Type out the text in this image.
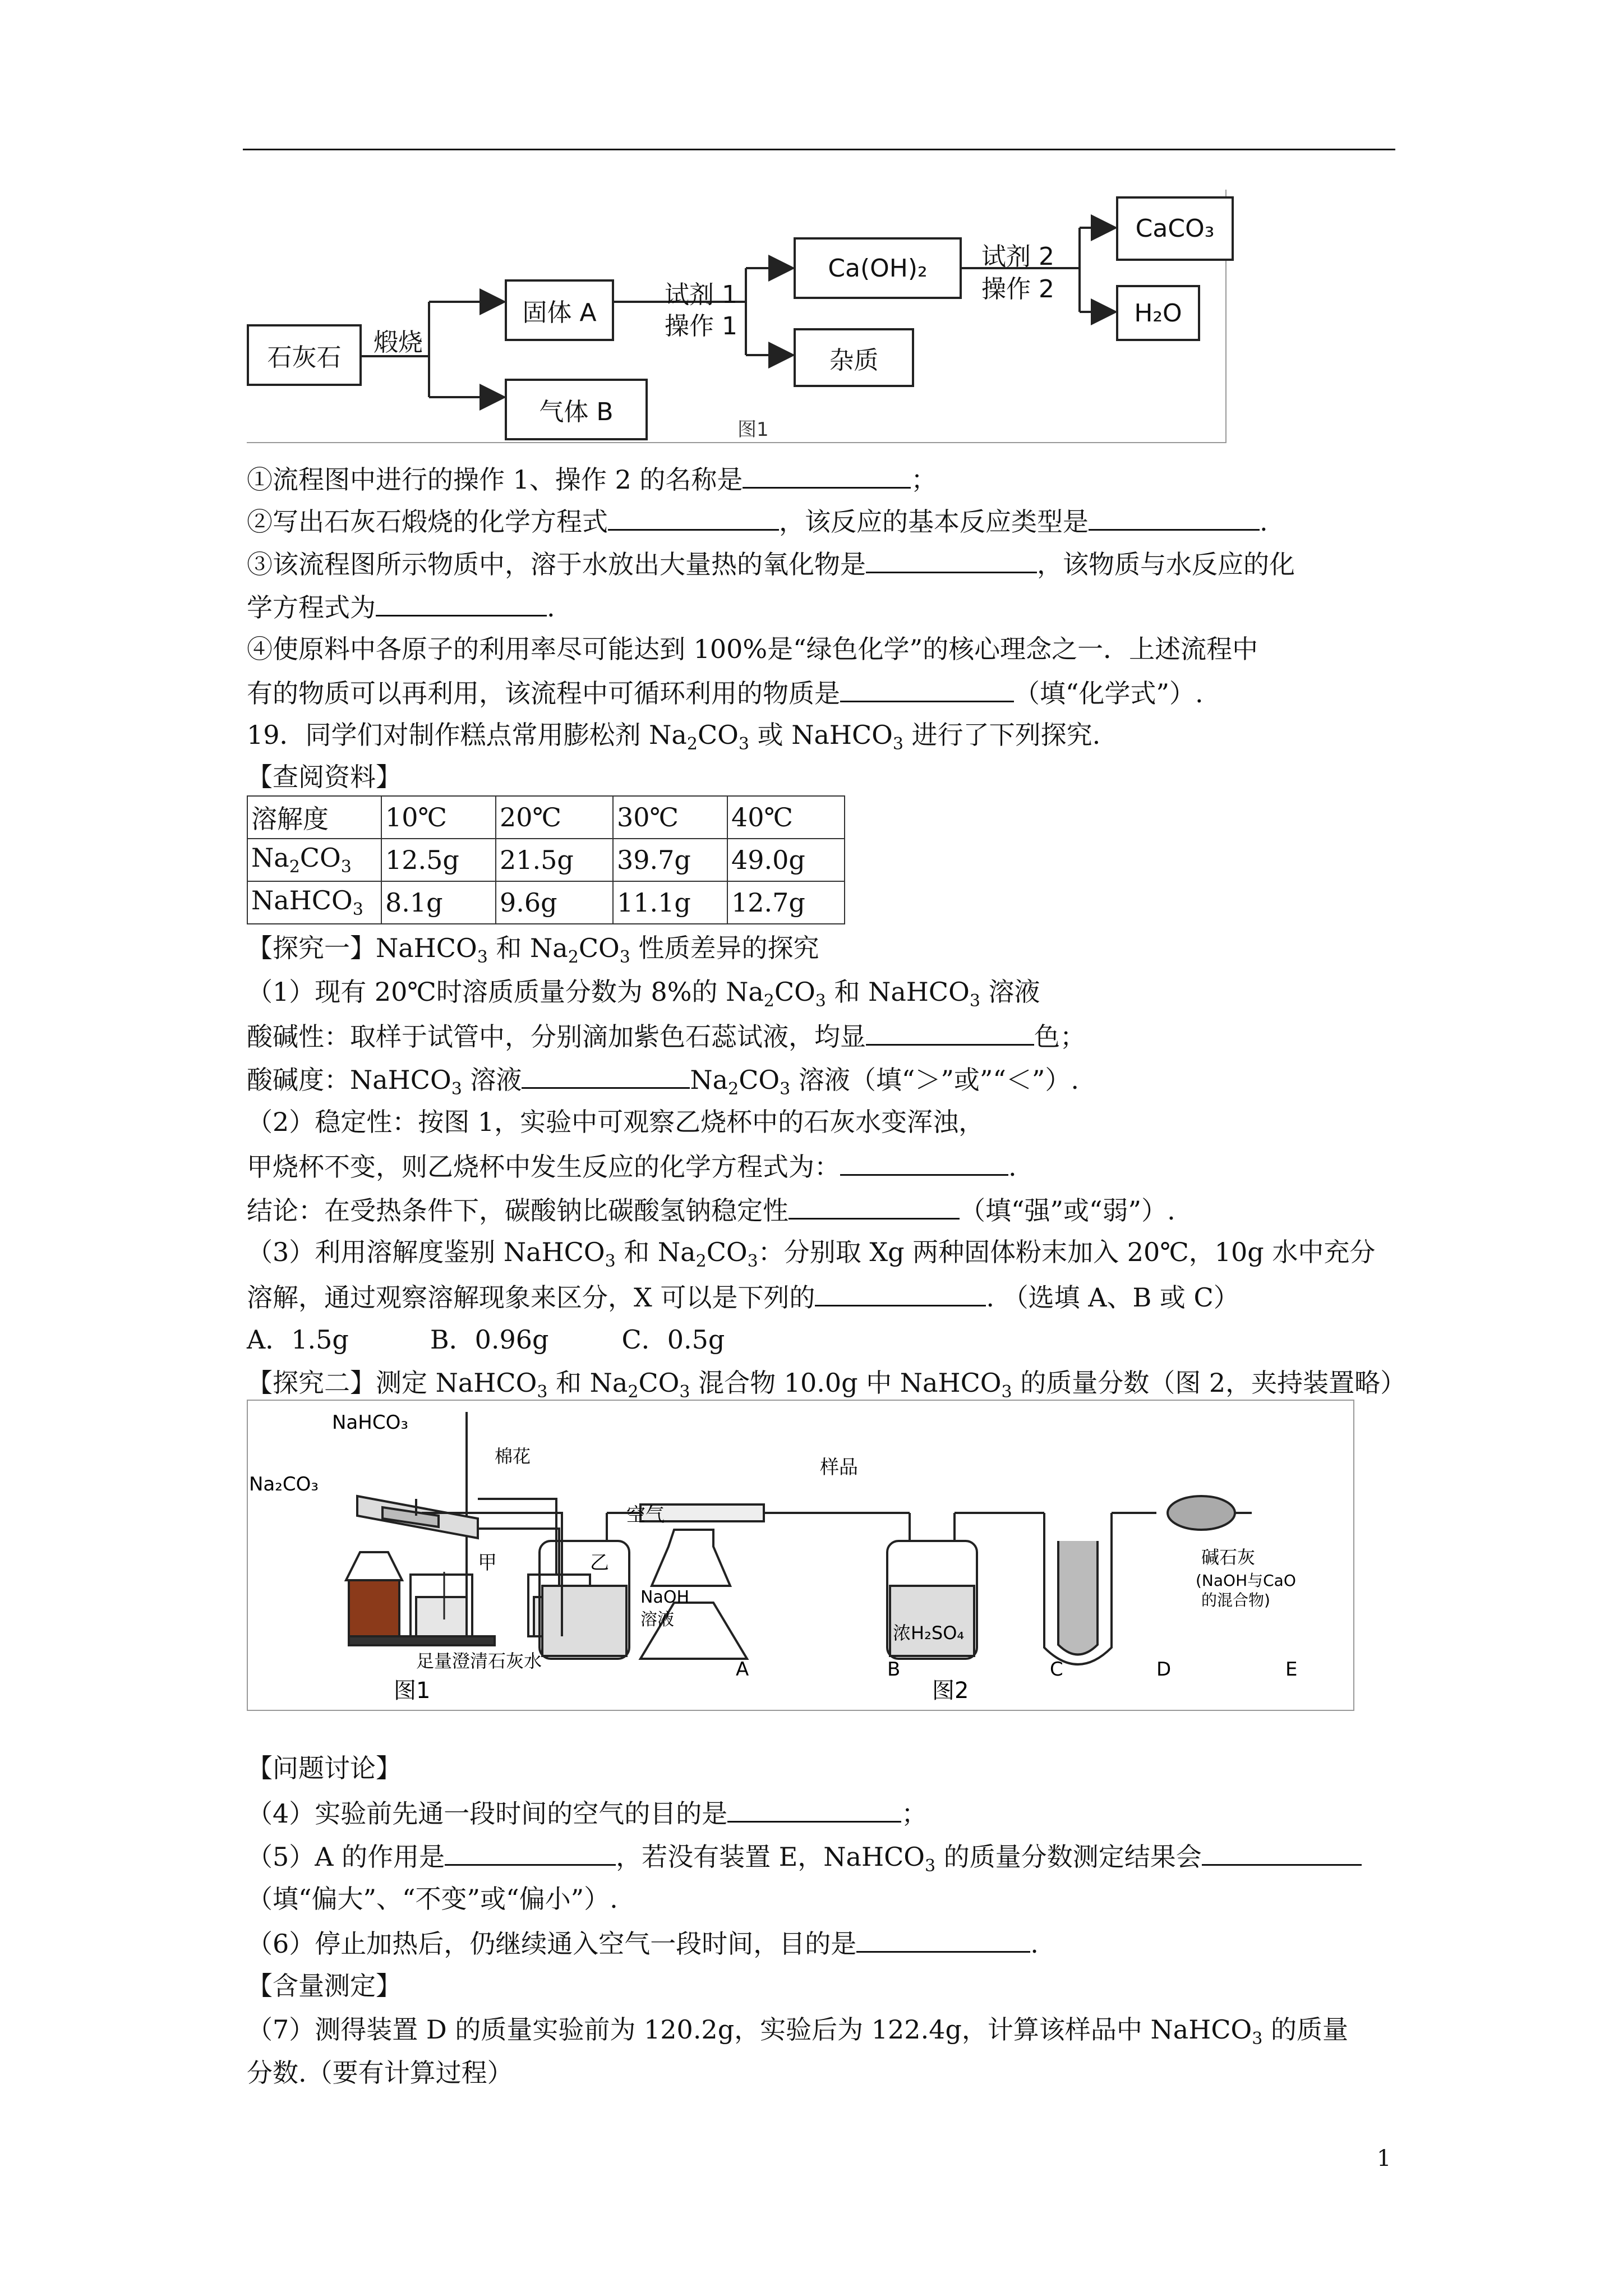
石灰石
煅烧
固体 A
气体 B
试剂 1
操作 1
Ca(OH)₂
杂质
试剂 2
操作 2
CaCO₃
H₂O
图1
①流程图中进行的操作 1、操作 2 的名称是	；
②写出石灰石煅烧的化学方程式	，该反应的基本反应类型是	.
③该流程图所示物质中，溶于水放出大量热的氧化物是	，该物质与水反应的化
学方程式为	.
④使原料中各原子的利用率尽可能达到 100%是“绿色化学”的核心理念之一．上述流程中
有的物质可以再利用，该流程中可循环利用的物质是	（填“化学式”）.
19．同学们对制作糕点常用膨松剂 $Na_2CO_3$ 或 NaHCO$_3$ 进行了下列探究.
【查阅资料】
溶解度	10℃	20℃	30℃	40℃
$Na_2CO_3$	12.5g	21.5g	39.7g	49.0g
NaHCO$_3$	8.1g	9.6g	11.1g	12.7g
【探究一】NaHCO$_3$ 和 $Na_2CO_3$ 性质差异的探究
（1）现有 20℃时溶质质量分数为 8%的 $Na_2CO_3$ 和 NaHCO$_3$ 溶液
酸碱性：取样于试管中，分别滴加紫色石蕊试液，均显	色；
酸碱度：NaHCO$_3$ 溶液	$Na_2CO_3$ 溶液（填“＞”或”“＜”）.
（2）稳定性：按图 1，实验中可观察乙烧杯中的石灰水变浑浊，
甲烧杯不变，则乙烧杯中发生反应的化学方程式为：	.
结论：在受热条件下，碳酸钠比碳酸氢钠稳定性	（填“强”或“弱”）.
（3）利用溶解度鉴别 NaHCO$_3$ 和 $Na_2CO_3$：分别取 Xg 两种固体粉末加入 20℃，10g 水中充分
溶解，通过观察溶解现象来区分，X 可以是下列的	. （选填 A、B 或 C）
A．1.5g	B．0.96g	C．0.5g
【探究二】测定 NaHCO$_3$ 和 $Na_2CO_3$ 混合物 10.0g 中 NaHCO$_3$ 的质量分数（图 2，夹持装置略）
NaHCO₃
Na₂CO₃
棉花
甲	乙
足量澄清石灰水
图1
空气
样品
NaOH
溶液
浓H₂SO₄
碱石灰
(NaOH与CaO
的混合物)
A	B	C	D	E
图2
【问题讨论】
（4）实验前先通一段时间的空气的目的是	；
（5）A 的作用是	，若没有装置 E，NaHCO$_3$ 的质量分数测定结果会
（填“偏大”、“不变”或“偏小”）.
（6）停止加热后，仍继续通入空气一段时间，目的是	.
【含量测定】
（7）测得装置 D 的质量实验前为 120.2g，实验后为 122.4g，计算该样品中 NaHCO$_3$ 的质量
分数.（要有计算过程）
1
